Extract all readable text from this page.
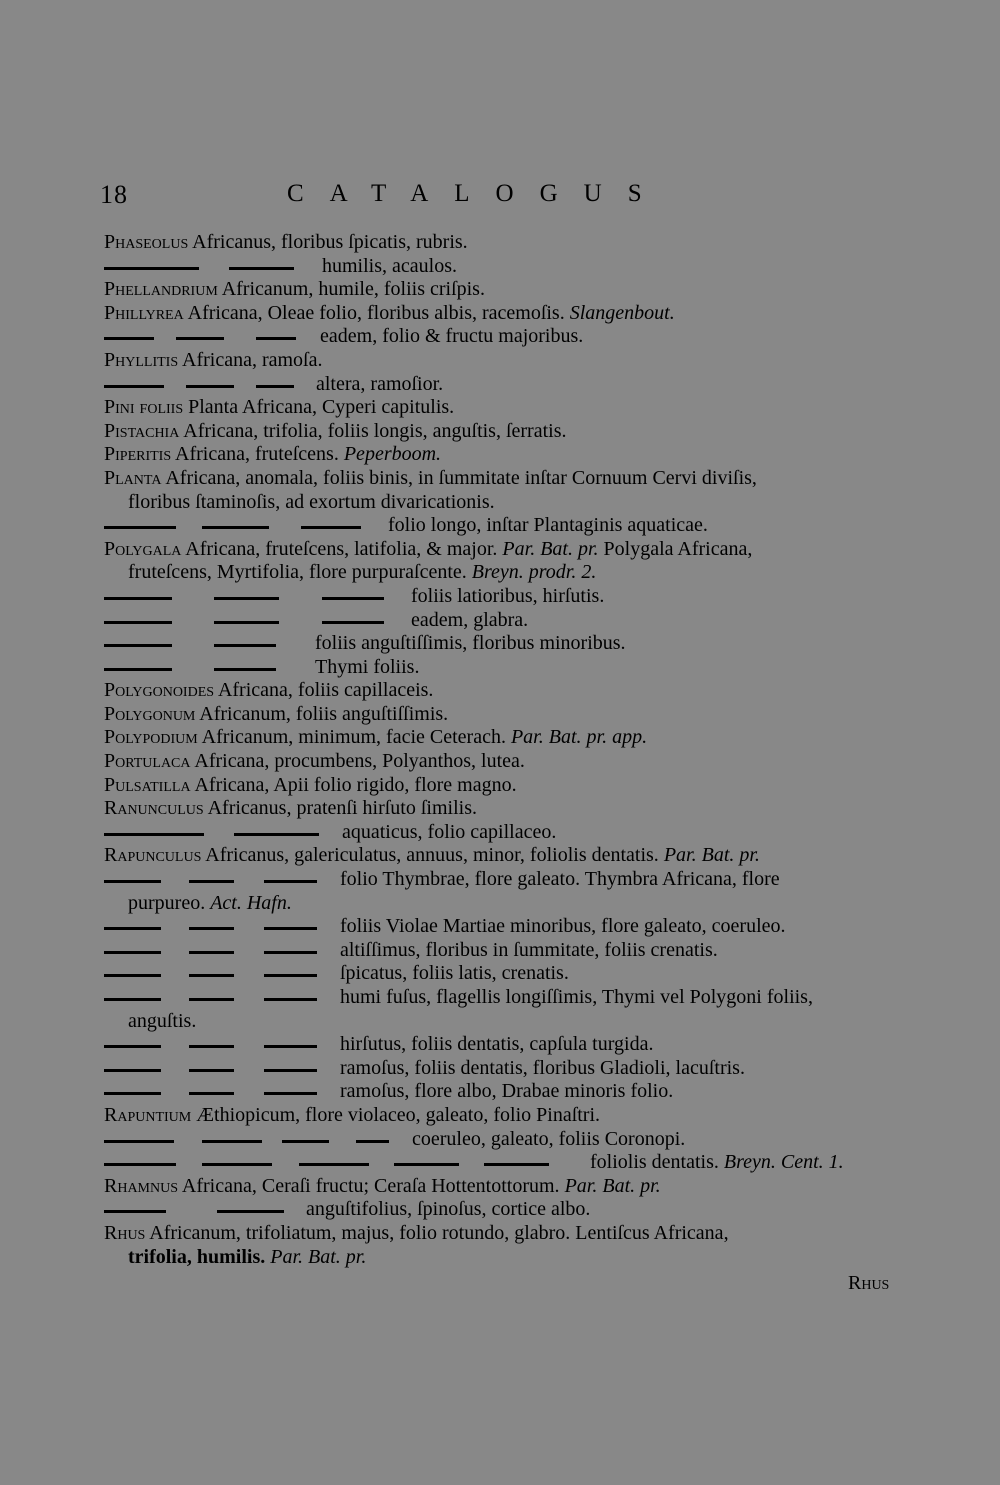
18	CATALOGUS
Phaseolus Africanus, floribus ſpicatis, rubris.
humilis, acaulos.
Phellandrium Africanum, humile, foliis criſpis.
Phillyrea Africana, Oleae folio, floribus albis, racemoſis. Slangenbout.
eadem, folio & fructu majoribus.
Phyllitis Africana, ramoſa.
altera, ramoſior.
Pini foliis Planta Africana, Cyperi capitulis.
Pistachia Africana, trifolia, foliis longis, anguſtis, ſerratis.
Piperitis Africana, fruteſcens. Peperboom.
Planta Africana, anomala, foliis binis, in ſummitate inſtar Cornuum Cervi diviſis,
floribus ſtaminoſis, ad exortum divaricationis.
folio longo, inſtar Plantaginis aquaticae.
Polygala Africana, fruteſcens, latifolia, & major. Par. Bat. pr. Polygala Africana,
fruteſcens, Myrtifolia, flore purpuraſcente. Breyn. prodr. 2.
foliis latioribus, hirſutis.
eadem, glabra.
foliis anguſtiſſimis, floribus minoribus.
Thymi foliis.
Polygonoides Africana, foliis capillaceis.
Polygonum Africanum, foliis anguſtiſſimis.
Polypodium Africanum, minimum, facie Ceterach. Par. Bat. pr. app.
Portulaca Africana, procumbens, Polyanthos, lutea.
Pulsatilla Africana, Apii folio rigido, flore magno.
Ranunculus Africanus, pratenſi hirſuto ſimilis.
aquaticus, folio capillaceo.
Rapunculus Africanus, galericulatus, annuus, minor, foliolis dentatis. Par. Bat. pr.
folio Thymbrae, flore galeato. Thymbra Africana, flore
purpureo. Act. Hafn.
foliis Violae Martiae minoribus, flore galeato, coeruleo.
altiſſimus, floribus in ſummitate, foliis crenatis.
ſpicatus, foliis latis, crenatis.
humi fuſus, flagellis longiſſimis, Thymi vel Polygoni foliis,
anguſtis.
hirſutus, foliis dentatis, capſula turgida.
ramoſus, foliis dentatis, floribus Gladioli, lacuſtris.
ramoſus, flore albo, Drabae minoris folio.
Rapuntium Æthiopicum, flore violaceo, galeato, folio Pinaſtri.
coeruleo, galeato, foliis Coronopi.
foliolis dentatis. Breyn. Cent. 1.
Rhamnus Africana, Ceraſi fructu; Ceraſa Hottentottorum. Par. Bat. pr.
anguſtifolius, ſpinoſus, cortice albo.
Rhus Africanum, trifoliatum, majus, folio rotundo, glabro. Lentiſcus Africana,
trifolia, humilis. Par. Bat. pr.
Rhus
